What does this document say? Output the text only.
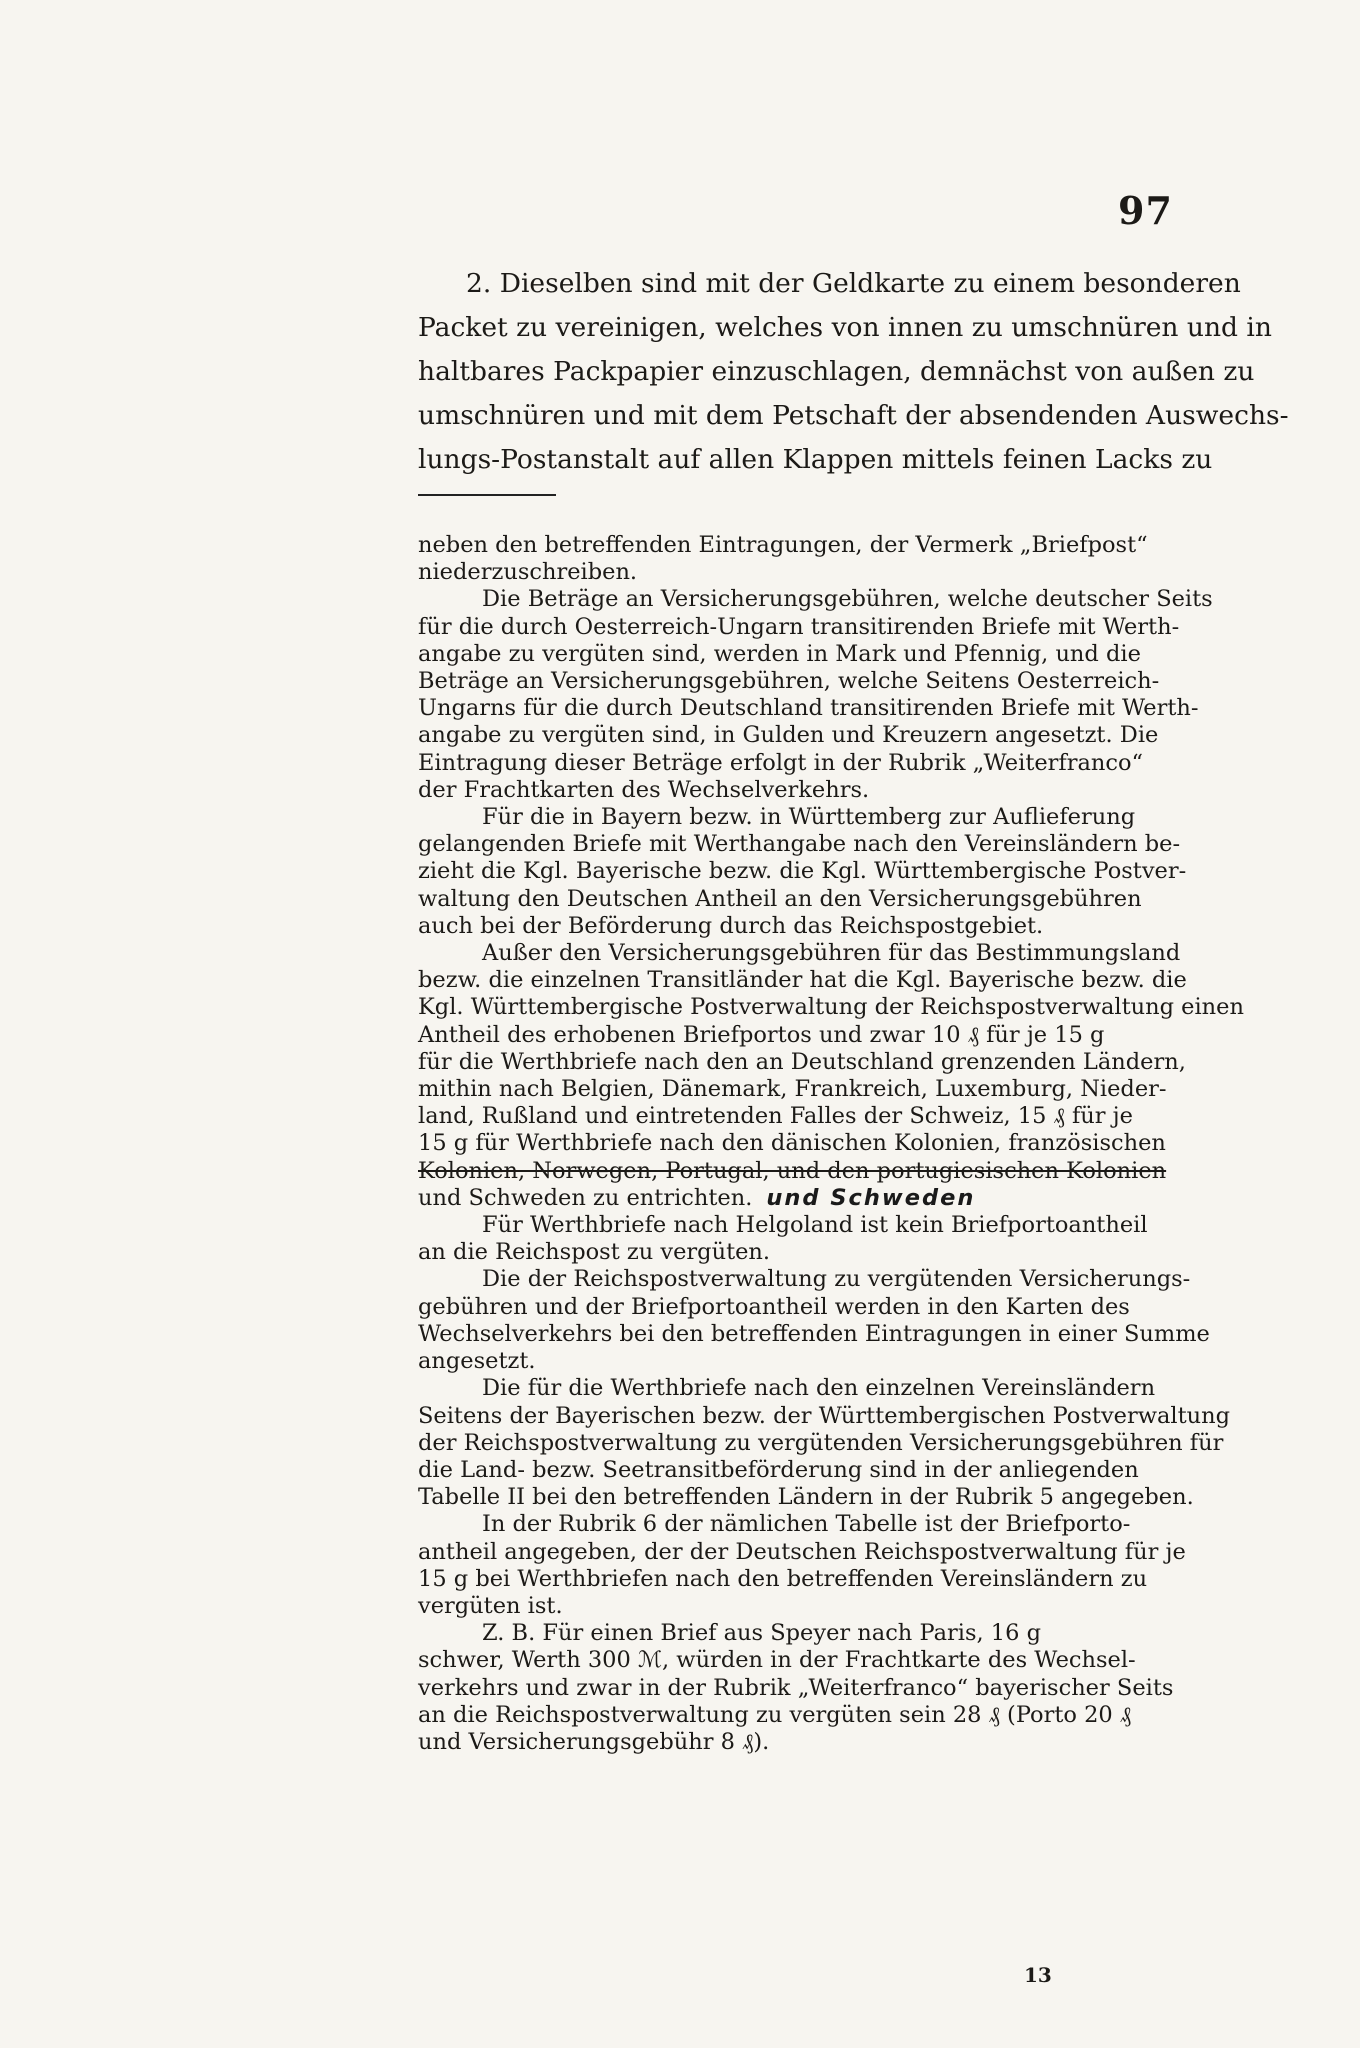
97
2. Dieselben sind mit der Geldkarte zu einem besonderen
Packet zu vereinigen, welches von innen zu umschnüren und in
haltbares Packpapier einzuschlagen, demnächst von außen zu
umschnüren und mit dem Petschaft der absendenden Auswechs-
lungs-Postanstalt auf allen Klappen mittels feinen Lacks zu
neben den betreffenden Eintragungen, der Vermerk „Briefpost“
niederzuschreiben.
Die Beträge an Versicherungsgebühren, welche deutscher Seits
für die durch Oesterreich-Ungarn transitirenden Briefe mit Werth-
angabe zu vergüten sind, werden in Mark und Pfennig, und die
Beträge an Versicherungsgebühren, welche Seitens Oesterreich-
Ungarns für die durch Deutschland transitirenden Briefe mit Werth-
angabe zu vergüten sind, in Gulden und Kreuzern angesetzt. Die
Eintragung dieser Beträge erfolgt in der Rubrik „Weiterfranco“
der Frachtkarten des Wechselverkehrs.
Für die in Bayern bezw. in Württemberg zur Auflieferung
gelangenden Briefe mit Werthangabe nach den Vereinsländern be-
zieht die Kgl. Bayerische bezw. die Kgl. Württembergische Postver-
waltung den Deutschen Antheil an den Versicherungsgebühren
auch bei der Beförderung durch das Reichspostgebiet.
Außer den Versicherungsgebühren für das Bestimmungsland
bezw. die einzelnen Transitländer hat die Kgl. Bayerische bezw. die
Kgl. Württembergische Postverwaltung der Reichspostverwaltung einen
Antheil des erhobenen Briefportos und zwar 10 ₰ für je 15 g
für die Werthbriefe nach den an Deutschland grenzenden Ländern,
mithin nach Belgien, Dänemark, Frankreich, Luxemburg, Nieder-
land, Rußland und eintretenden Falles der Schweiz, 15 ₰ für je
15 g für Werthbriefe nach den dänischen Kolonien, französischen
Kolonien, Norwegen, Portugal, und den portugiesischen Kolonien
und Schweden zu entrichten. und Schweden
Für Werthbriefe nach Helgoland ist kein Briefportoantheil
an die Reichspost zu vergüten.
Die der Reichspostverwaltung zu vergütenden Versicherungs-
gebühren und der Briefportoantheil werden in den Karten des
Wechselverkehrs bei den betreffenden Eintragungen in einer Summe
angesetzt.
Die für die Werthbriefe nach den einzelnen Vereinsländern
Seitens der Bayerischen bezw. der Württembergischen Postverwaltung
der Reichspostverwaltung zu vergütenden Versicherungsgebühren für
die Land- bezw. Seetransitbeförderung sind in der anliegenden
Tabelle II bei den betreffenden Ländern in der Rubrik 5 angegeben.
In der Rubrik 6 der nämlichen Tabelle ist der Briefporto-
antheil angegeben, der der Deutschen Reichspostverwaltung für je
15 g bei Werthbriefen nach den betreffenden Vereinsländern zu
vergüten ist.
Z. B. Für einen Brief aus Speyer nach Paris, 16 g
schwer, Werth 300 ℳ, würden in der Frachtkarte des Wechsel-
verkehrs und zwar in der Rubrik „Weiterfranco“ bayerischer Seits
an die Reichspostverwaltung zu vergüten sein 28 ₰ (Porto 20 ₰
und Versicherungsgebühr 8 ₰).
13
